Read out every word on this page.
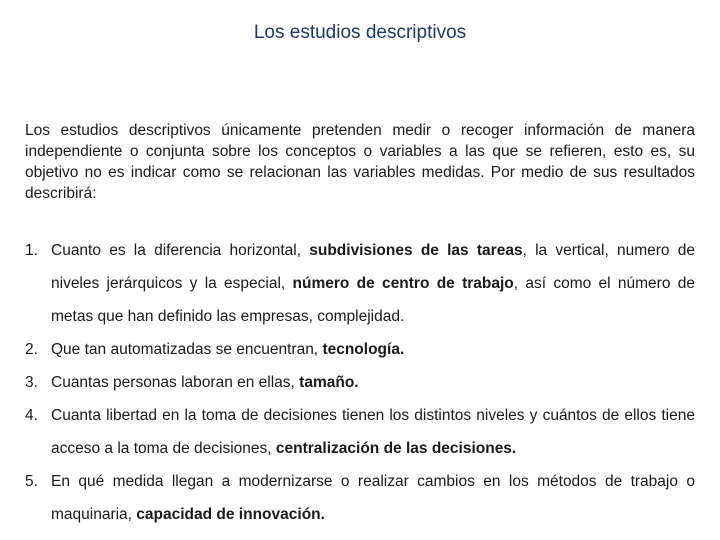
Los estudios descriptivos

Los estudios descriptivos únicamente pretenden medir o recoger información de manera independiente o conjunta sobre los conceptos o variables a las que se refieren, esto es, su objetivo no es indicar como se relacionan las variables medidas. Por medio de sus resultados describirá:

1. Cuanto es la diferencia horizontal, subdivisiones de las tareas, la vertical, numero de niveles jerárquicos y la especial, número de centro de trabajo, así como el número de metas que han definido las empresas, complejidad.
2. Que tan automatizadas se encuentran, tecnología.
3. Cuantas personas laboran en ellas, tamaño.
4. Cuanta libertad en la toma de decisiones tienen los distintos niveles y cuántos de ellos tiene acceso a la toma de decisiones, centralización de las decisiones.
5. En qué medida llegan a modernizarse o realizar cambios en los métodos de trabajo o maquinaria, capacidad de innovación.
